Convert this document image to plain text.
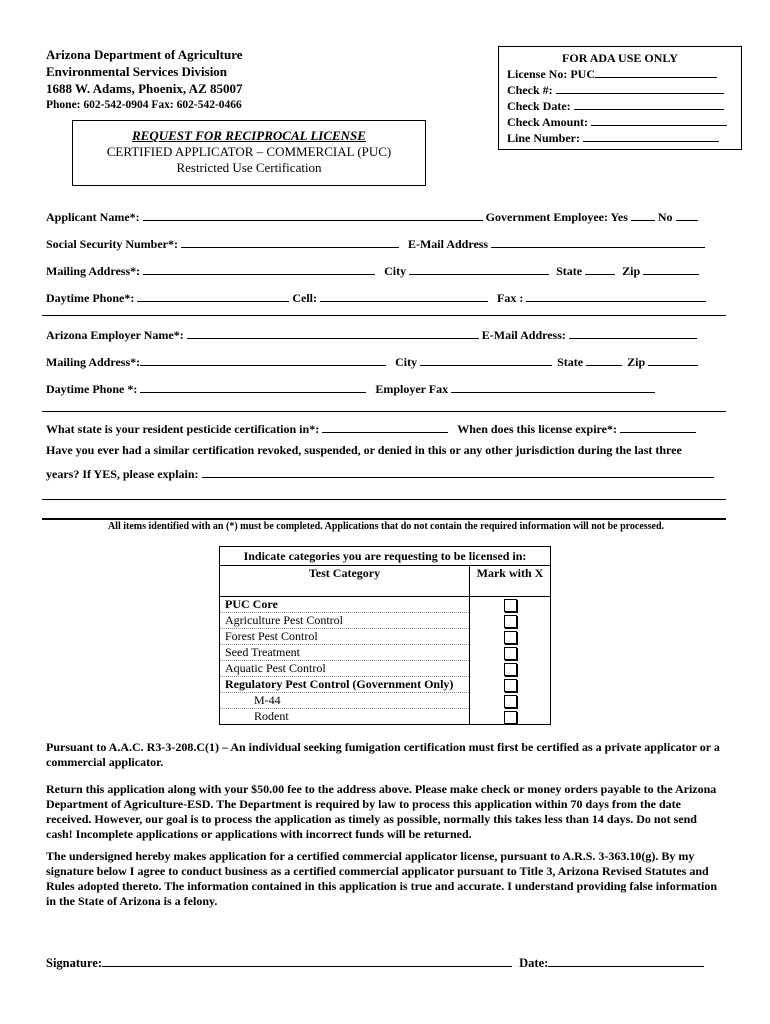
Arizona Department of Agriculture
Environmental Services Division
1688 W. Adams, Phoenix, AZ 85007
Phone: 602-542-0904 Fax: 602-542-0466
FOR ADA USE ONLY
License No: PUC
Check #:
Check Date:
Check Amount:
Line Number:
REQUEST FOR RECIPROCAL LICENSE
CERTIFIED APPLICATOR – COMMERCIAL (PUC)
Restricted Use Certification
Applicant Name*:	Government Employee: Yes	No
Social Security Number*:	E-Mail Address
Mailing Address*:	City	State	Zip
Daytime Phone*:	Cell:	Fax :
Arizona Employer Name*:	E-Mail Address:
Mailing Address*:	City	State	Zip
Daytime Phone *:	Employer Fax
What state is your resident pesticide certification in*:	When does this license expire*:
Have you ever had a similar certification revoked, suspended, or denied in this or any other jurisdiction during the last three
years? If YES, please explain:
All items identified with an (*) must be completed. Applications that do not contain the required information will not be processed.
Indicate categories you are requesting to be licensed in:	
Test Category	Mark with X
PUC Core	
Agriculture Pest Control	
Forest Pest Control	
Seed Treatment	
Aquatic Pest Control	
Regulatory Pest Control (Government Only)	
M-44	
Rodent	
Pursuant to A.A.C. R3-3-208.C(1) – An individual seeking fumigation certification must first be certified as a private applicator or a commercial applicator.
Return this application along with your $50.00 fee to the address above. Please make check or money orders payable to the Arizona Department of Agriculture-ESD. The Department is required by law to process this application within 70 days from the date received. However, our goal is to process the application as timely as possible, normally this takes less than 14 days. Do not send cash! Incomplete applications or applications with incorrect funds will be returned.
The undersigned hereby makes application for a certified commercial applicator license, pursuant to A.R.S. 3-363.10(g). By my signature below I agree to conduct business as a certified commercial applicator pursuant to Title 3, Arizona Revised Statutes and Rules adopted thereto. The information contained in this application is true and accurate. I understand providing false information in the State of Arizona is a felony.
Signature:	Date:
